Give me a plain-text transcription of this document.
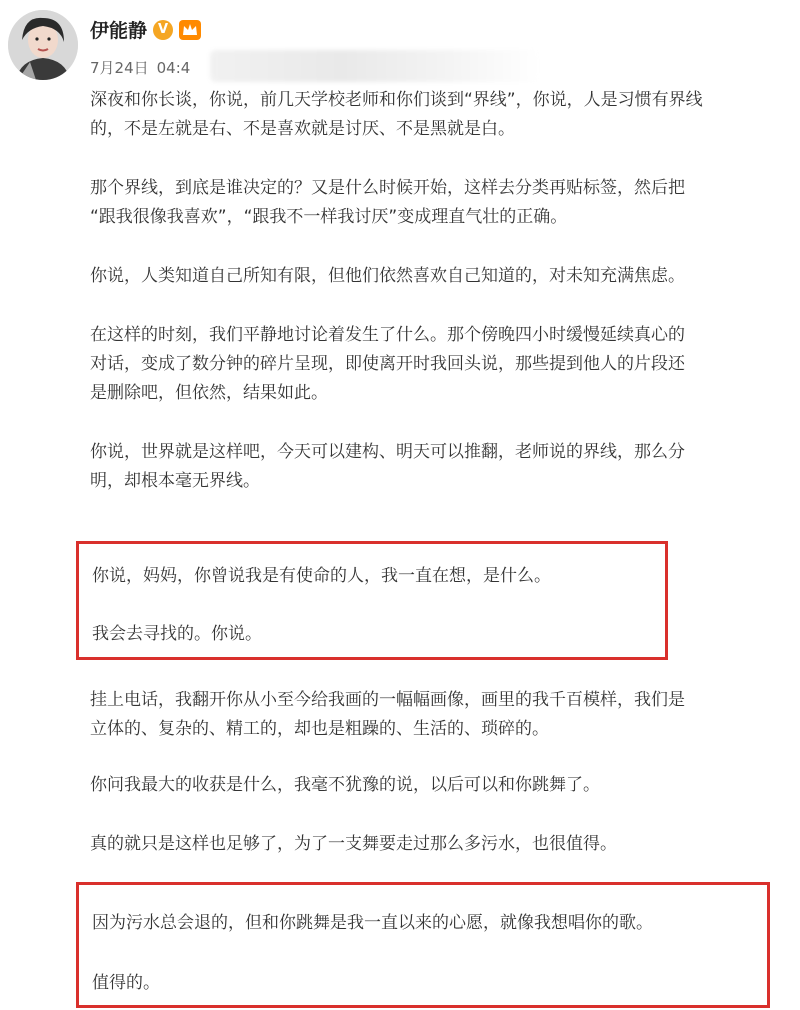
伊能静 V
7月24日 04:4

深夜和你长谈，你说，前几天学校老师和你们谈到“界线”，你说，人是习惯有界线
的，不是左就是右、不是喜欢就是讨厌、不是黑就是白。

那个界线，到底是谁决定的？又是什么时候开始，这样去分类再贴标签，然后把
“跟我很像我喜欢”，“跟我不一样我讨厌”变成理直气壮的正确。

你说，人类知道自己所知有限，但他们依然喜欢自己知道的，对未知充满焦虑。

在这样的时刻，我们平静地讨论着发生了什么。那个傍晚四小时缓慢延续真心的
对话，变成了数分钟的碎片呈现，即使离开时我回头说，那些提到他人的片段还
是删除吧，但依然，结果如此。

你说，世界就是这样吧，今天可以建构、明天可以推翻，老师说的界线，那么分
明，却根本毫无界线。

你说，妈妈，你曾说我是有使命的人，我一直在想，是什么。
我会去寻找的。你说。

挂上电话，我翻开你从小至今给我画的一幅幅画像，画里的我千百模样，我们是
立体的、复杂的、精工的，却也是粗躁的、生活的、琐碎的。

你问我最大的收获是什么，我毫不犹豫的说，以后可以和你跳舞了。

真的就只是这样也足够了，为了一支舞要走过那么多污水，也很值得。

因为污水总会退的，但和你跳舞是我一直以来的心愿，就像我想唱你的歌。
值得的。
